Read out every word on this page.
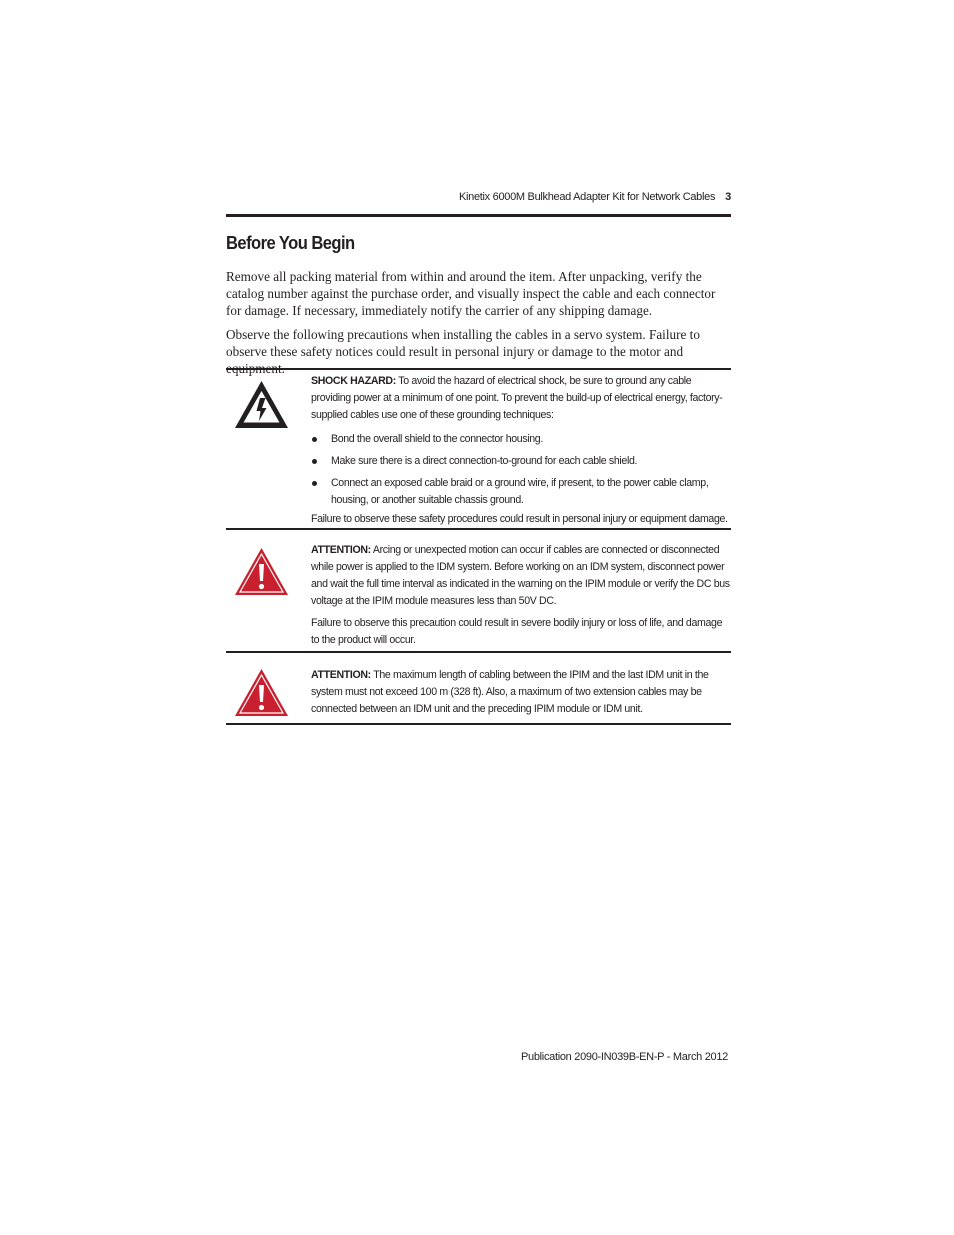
Kinetix 6000M Bulkhead Adapter Kit for Network Cables 3
Before You Begin

Remove all packing material from within and around the item. After unpacking, verify the catalog number against the purchase order, and visually inspect the cable and each connector for damage. If necessary, immediately notify the carrier of any shipping damage.

Observe the following precautions when installing the cables in a servo system. Failure to observe these safety notices could result in personal injury or damage to the motor and equipment.

SHOCK HAZARD: To avoid the hazard of electrical shock, be sure to ground any cable providing power at a minimum of one point. To prevent the build-up of electrical energy, factory-supplied cables use one of these grounding techniques:

Bond the overall shield to the connector housing.
Make sure there is a direct connection-to-ground for each cable shield.
Connect an exposed cable braid or a ground wire, if present, to the power cable clamp, housing, or another suitable chassis ground.

Failure to observe these safety procedures could result in personal injury or equipment damage.

ATTENTION: Arcing or unexpected motion can occur if cables are connected or disconnected while power is applied to the IDM system. Before working on an IDM system, disconnect power and wait the full time interval as indicated in the warning on the IPIM module or verify the DC bus voltage at the IPIM module measures less than 50V DC.

Failure to observe this precaution could result in severe bodily injury or loss of life, and damage to the product will occur.

ATTENTION: The maximum length of cabling between the IPIM and the last IDM unit in the system must not exceed 100 m (328 ft). Also, a maximum of two extension cables may be connected between an IDM unit and the preceding IPIM module or IDM unit.

Publication 2090-IN039B-EN-P - March 2012
